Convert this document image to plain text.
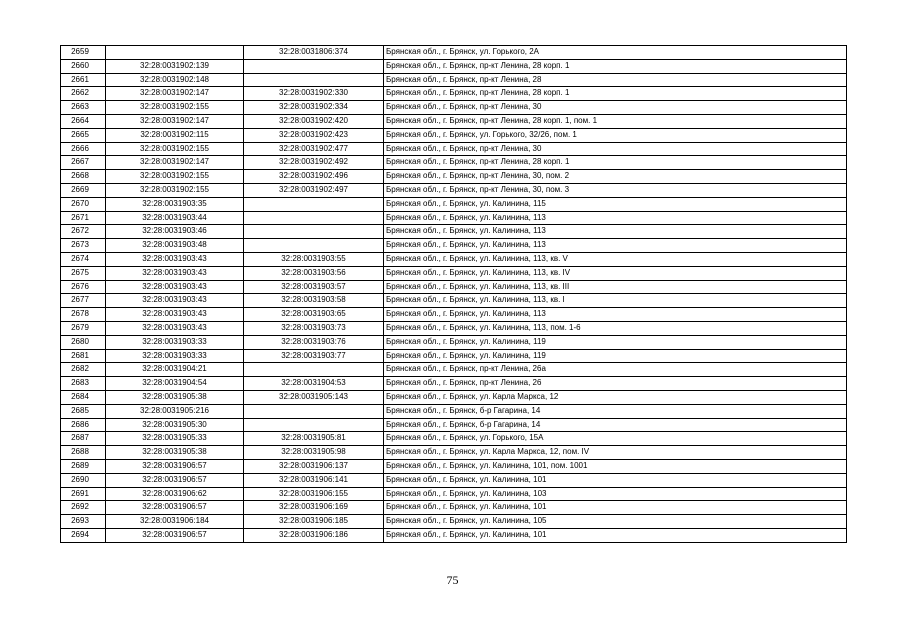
2659		32:28:0031806:374	Брянская обл., г. Брянск, ул. Горького, 2А
2660	32:28:0031902:139		Брянская обл., г. Брянск, пр-кт Ленина, 28 корп. 1
2661	32:28:0031902:148		Брянская обл., г. Брянск, пр-кт Ленина, 28
2662	32:28:0031902:147	32:28:0031902:330	Брянская обл., г. Брянск, пр-кт Ленина, 28 корп. 1
2663	32:28:0031902:155	32:28:0031902:334	Брянская обл., г. Брянск, пр-кт Ленина, 30
2664	32:28:0031902:147	32:28:0031902:420	Брянская обл., г. Брянск, пр-кт Ленина, 28 корп. 1, пом. 1
2665	32:28:0031902:115	32:28:0031902:423	Брянская обл., г. Брянск, ул. Горького, 32/26, пом. 1
2666	32:28:0031902:155	32:28:0031902:477	Брянская обл., г. Брянск, пр-кт Ленина, 30
2667	32:28:0031902:147	32:28:0031902:492	Брянская обл., г. Брянск, пр-кт Ленина, 28 корп. 1
2668	32:28:0031902:155	32:28:0031902:496	Брянская обл., г. Брянск, пр-кт Ленина, 30, пом. 2
2669	32:28:0031902:155	32:28:0031902:497	Брянская обл., г. Брянск, пр-кт Ленина, 30, пом. 3
2670	32:28:0031903:35		Брянская обл., г. Брянск, ул. Калинина, 115
2671	32:28:0031903:44		Брянская обл., г. Брянск, ул. Калинина, 113
2672	32:28:0031903:46		Брянская обл., г. Брянск, ул. Калинина, 113
2673	32:28:0031903:48		Брянская обл., г. Брянск, ул. Калинина, 113
2674	32:28:0031903:43	32:28:0031903:55	Брянская обл., г. Брянск, ул. Калинина, 113, кв. V
2675	32:28:0031903:43	32:28:0031903:56	Брянская обл., г. Брянск, ул. Калинина, 113, кв. IV
2676	32:28:0031903:43	32:28:0031903:57	Брянская обл., г. Брянск, ул. Калинина, 113, кв. III
2677	32:28:0031903:43	32:28:0031903:58	Брянская обл., г. Брянск, ул. Калинина, 113, кв. I
2678	32:28:0031903:43	32:28:0031903:65	Брянская обл., г. Брянск, ул. Калинина, 113
2679	32:28:0031903:43	32:28:0031903:73	Брянская обл., г. Брянск, ул. Калинина, 113, пом. 1-6
2680	32:28:0031903:33	32:28:0031903:76	Брянская обл., г. Брянск, ул. Калинина, 119
2681	32:28:0031903:33	32:28:0031903:77	Брянская обл., г. Брянск, ул. Калинина, 119
2682	32:28:0031904:21		Брянская обл., г. Брянск, пр-кт Ленина, 26а
2683	32:28:0031904:54	32:28:0031904:53	Брянская обл., г. Брянск, пр-кт Ленина, 26
2684	32:28:0031905:38	32:28:0031905:143	Брянская обл., г. Брянск, ул. Карла Маркса, 12
2685	32:28:0031905:216		Брянская обл., г. Брянск, б-р Гагарина, 14
2686	32:28:0031905:30		Брянская обл., г. Брянск, б-р Гагарина, 14
2687	32:28:0031905:33	32:28:0031905:81	Брянская обл., г. Брянск, ул. Горького, 15А
2688	32:28:0031905:38	32:28:0031905:98	Брянская обл., г. Брянск, ул. Карла Маркса, 12, пом. IV
2689	32:28:0031906:57	32:28:0031906:137	Брянская обл., г. Брянск, ул. Калинина, 101, пом. 1001
2690	32:28:0031906:57	32:28:0031906:141	Брянская обл., г. Брянск, ул. Калинина, 101
2691	32:28:0031906:62	32:28:0031906:155	Брянская обл., г. Брянск, ул. Калинина, 103
2692	32:28:0031906:57	32:28:0031906:169	Брянская обл., г. Брянск, ул. Калинина, 101
2693	32:28:0031906:184	32:28:0031906:185	Брянская обл., г. Брянск, ул. Калинина, 105
2694	32:28:0031906:57	32:28:0031906:186	Брянская обл., г. Брянск, ул. Калинина, 101
75
